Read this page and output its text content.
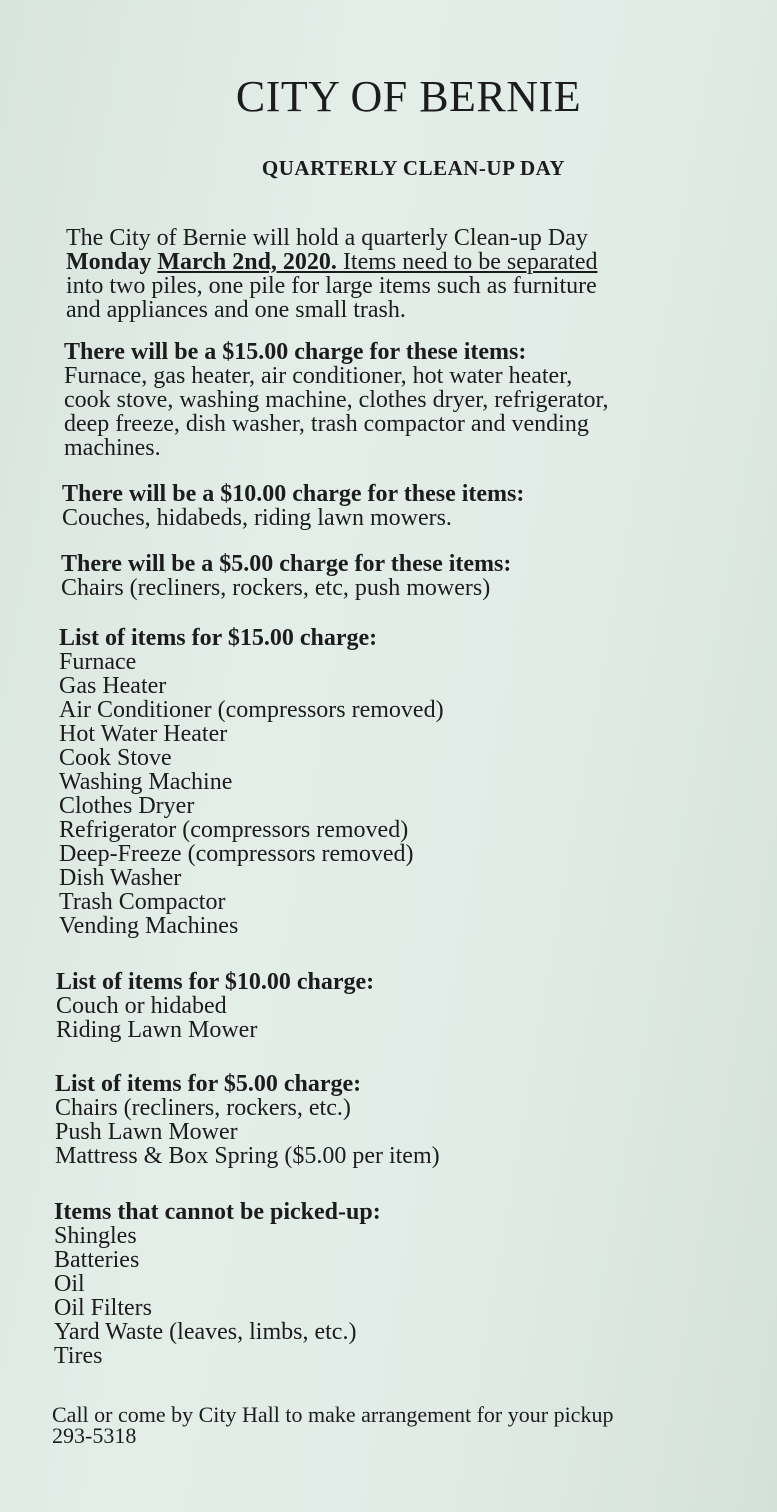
CITY OF BERNIE
QUARTERLY CLEAN-UP DAY
The City of Bernie will hold a quarterly Clean-up Day
Monday March 2nd, 2020. Items need to be separated
into two piles, one pile for large items such as furniture
and appliances and one small trash.
There will be a $15.00 charge for these items:
Furnace, gas heater, air conditioner, hot water heater,
cook stove, washing machine, clothes dryer, refrigerator,
deep freeze, dish washer, trash compactor and vending
machines.
There will be a $10.00 charge for these items:
Couches, hidabeds, riding lawn mowers.
There will be a $5.00 charge for these items:
Chairs (recliners, rockers, etc, push mowers)
List of items for $15.00 charge:
Furnace
Gas Heater
Air Conditioner (compressors removed)
Hot Water Heater
Cook Stove
Washing Machine
Clothes Dryer
Refrigerator (compressors removed)
Deep-Freeze (compressors removed)
Dish Washer
Trash Compactor
Vending Machines
List of items for $10.00 charge:
Couch or hidabed
Riding Lawn Mower
List of items for $5.00 charge:
Chairs (recliners, rockers, etc.)
Push Lawn Mower
Mattress & Box Spring ($5.00 per item)
Items that cannot be picked-up:
Shingles
Batteries
Oil
Oil Filters
Yard Waste (leaves, limbs, etc.)
Tires
Call or come by City Hall to make arrangement for your pickup
293-5318
